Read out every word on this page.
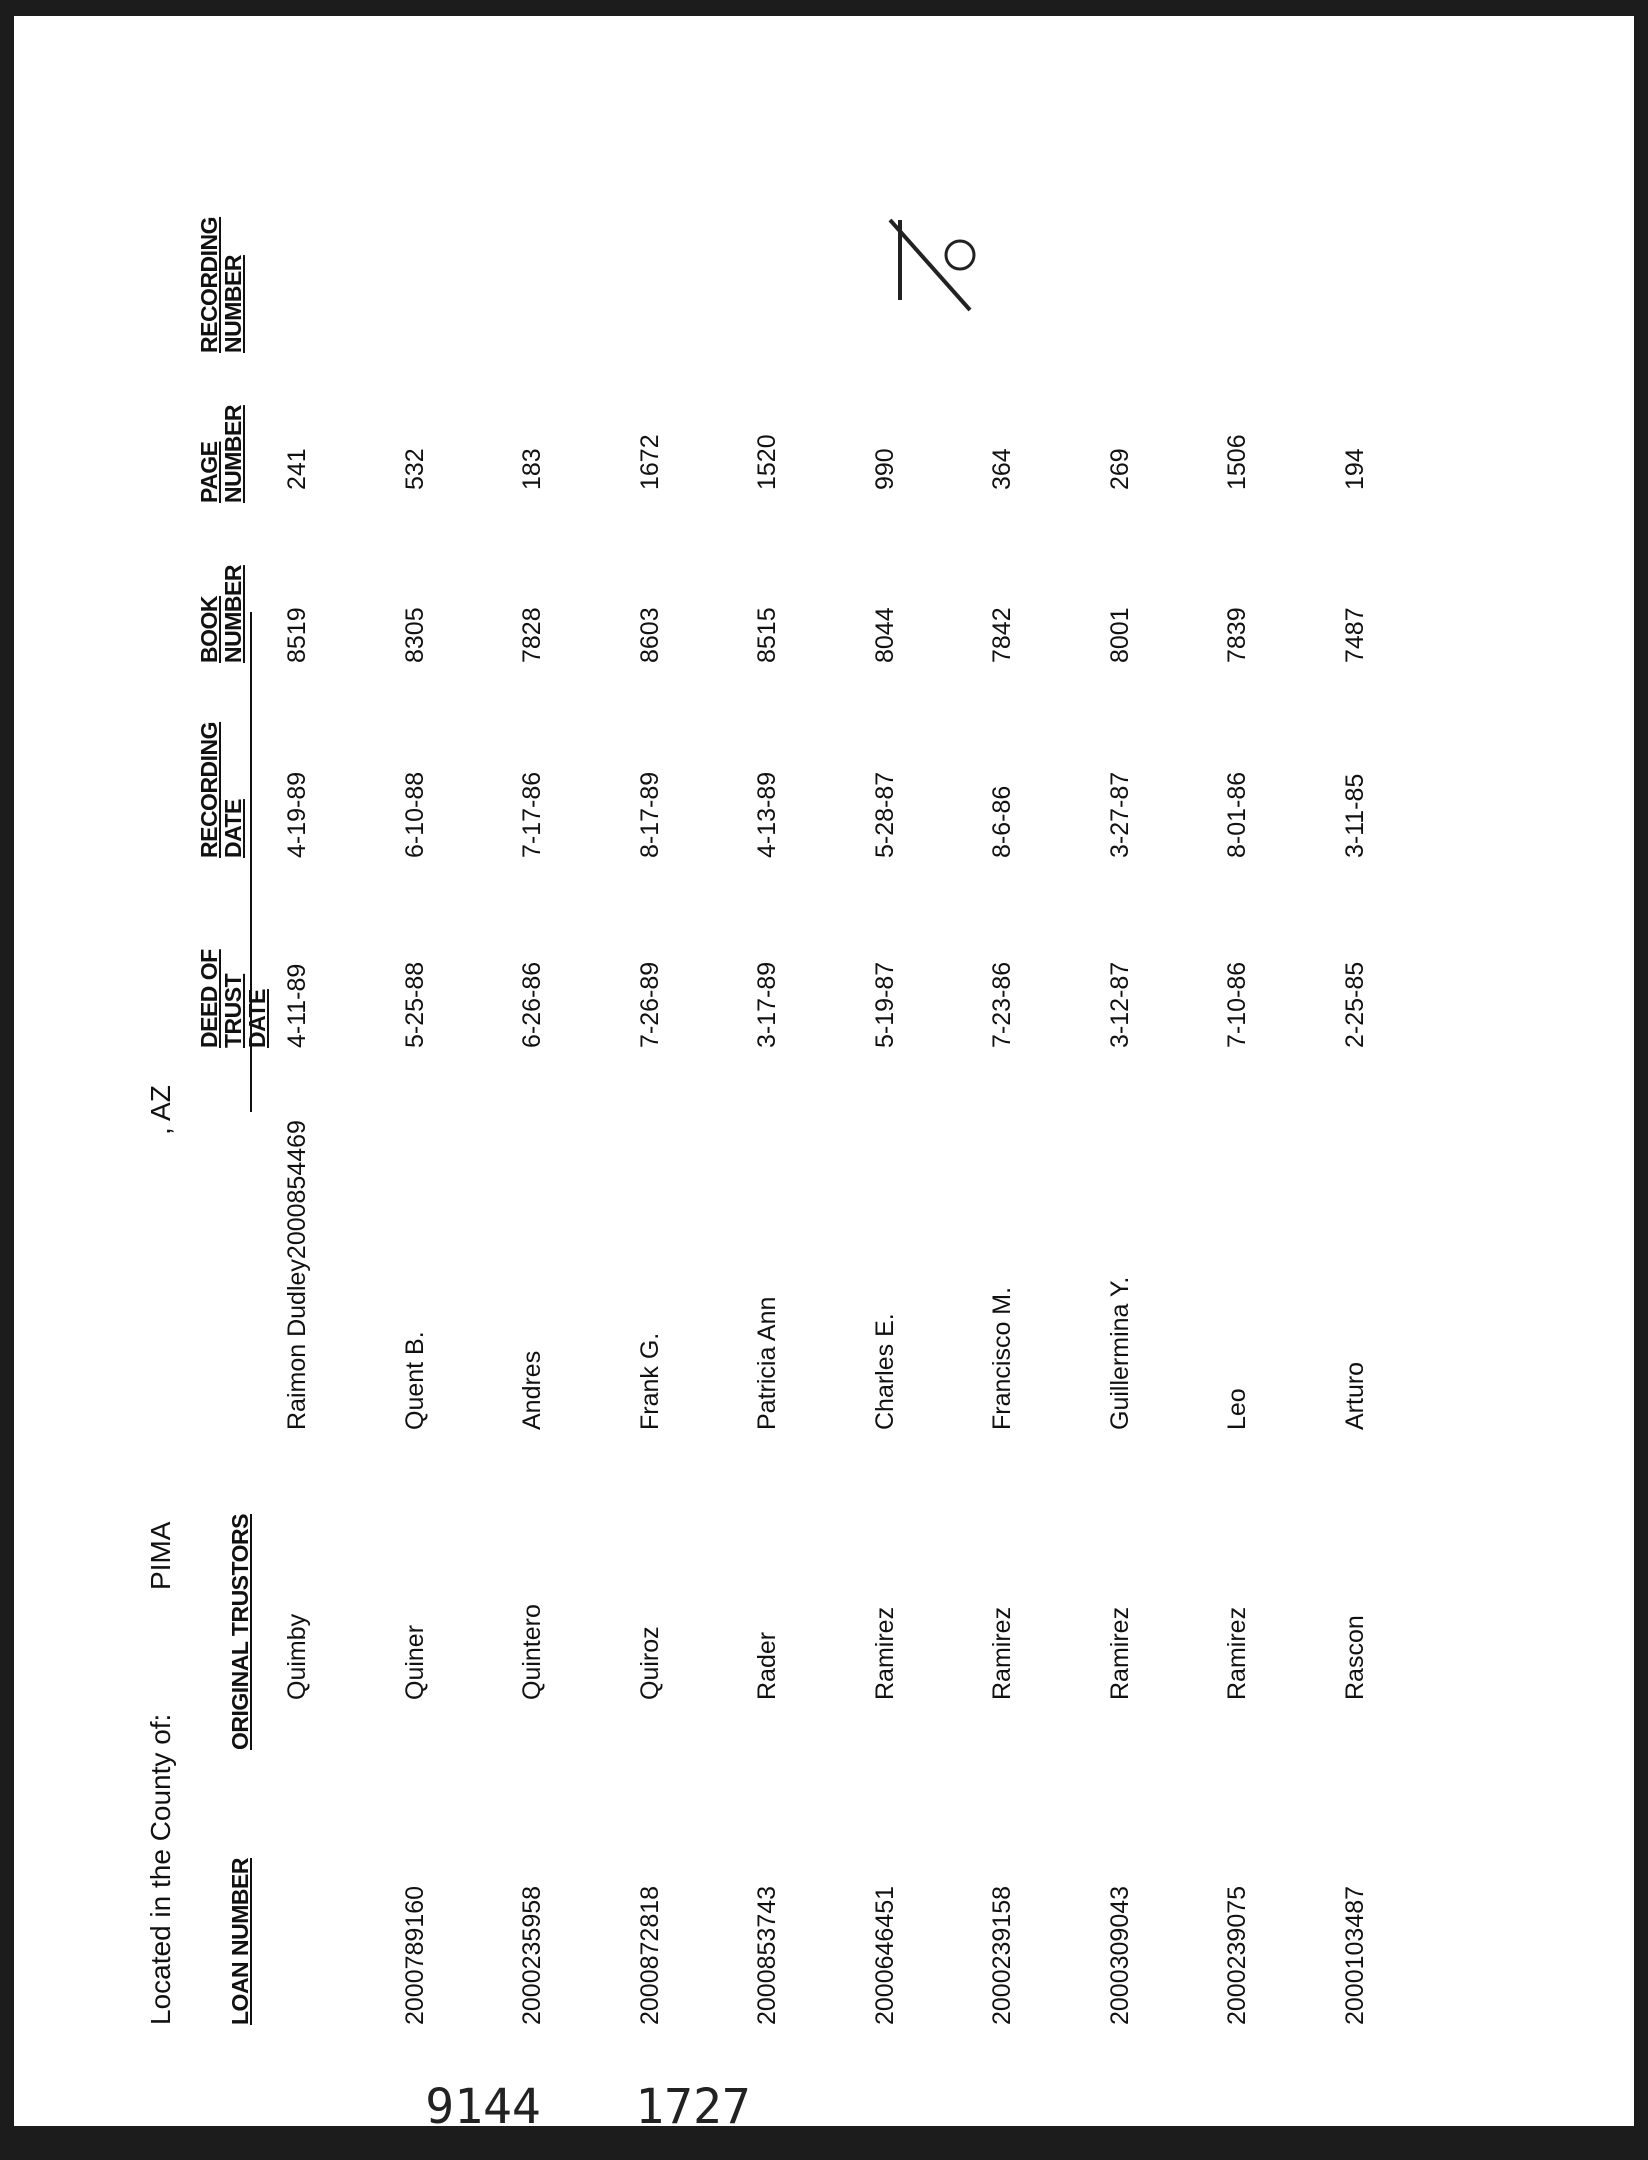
Located in the County of:
PIMA
, AZ
LOAN NUMBER
ORIGINAL TRUSTORS
DEED OF TRUST DATE
RECORDING DATE
BOOK NUMBER
PAGE NUMBER
RECORDING NUMBER
Quimby
Raimon Dudley2000854469
4-11-89
4-19-89
8519
241
2000789160
Quiner
Quent B.
5-25-88
6-10-88
8305
532
2000235958
Quintero
Andres
6-26-86
7-17-86
7828
183
2000872818
Quiroz
Frank G.
7-26-89
8-17-89
8603
1672
2000853743
Rader
Patricia Ann
3-17-89
4-13-89
8515
1520
2000646451
Ramirez
Charles E.
5-19-87
5-28-87
8044
990
2000239158
Ramirez
Francisco M.
7-23-86
8-6-86
7842
364
2000309043
Ramirez
Guillermina Y.
3-12-87
3-27-87
8001
269
2000239075
Ramirez
Leo
7-10-86
8-01-86
7839
1506
2000103487
Rascon
Arturo
2-25-85
3-11-85
7487
194
9144 1727
